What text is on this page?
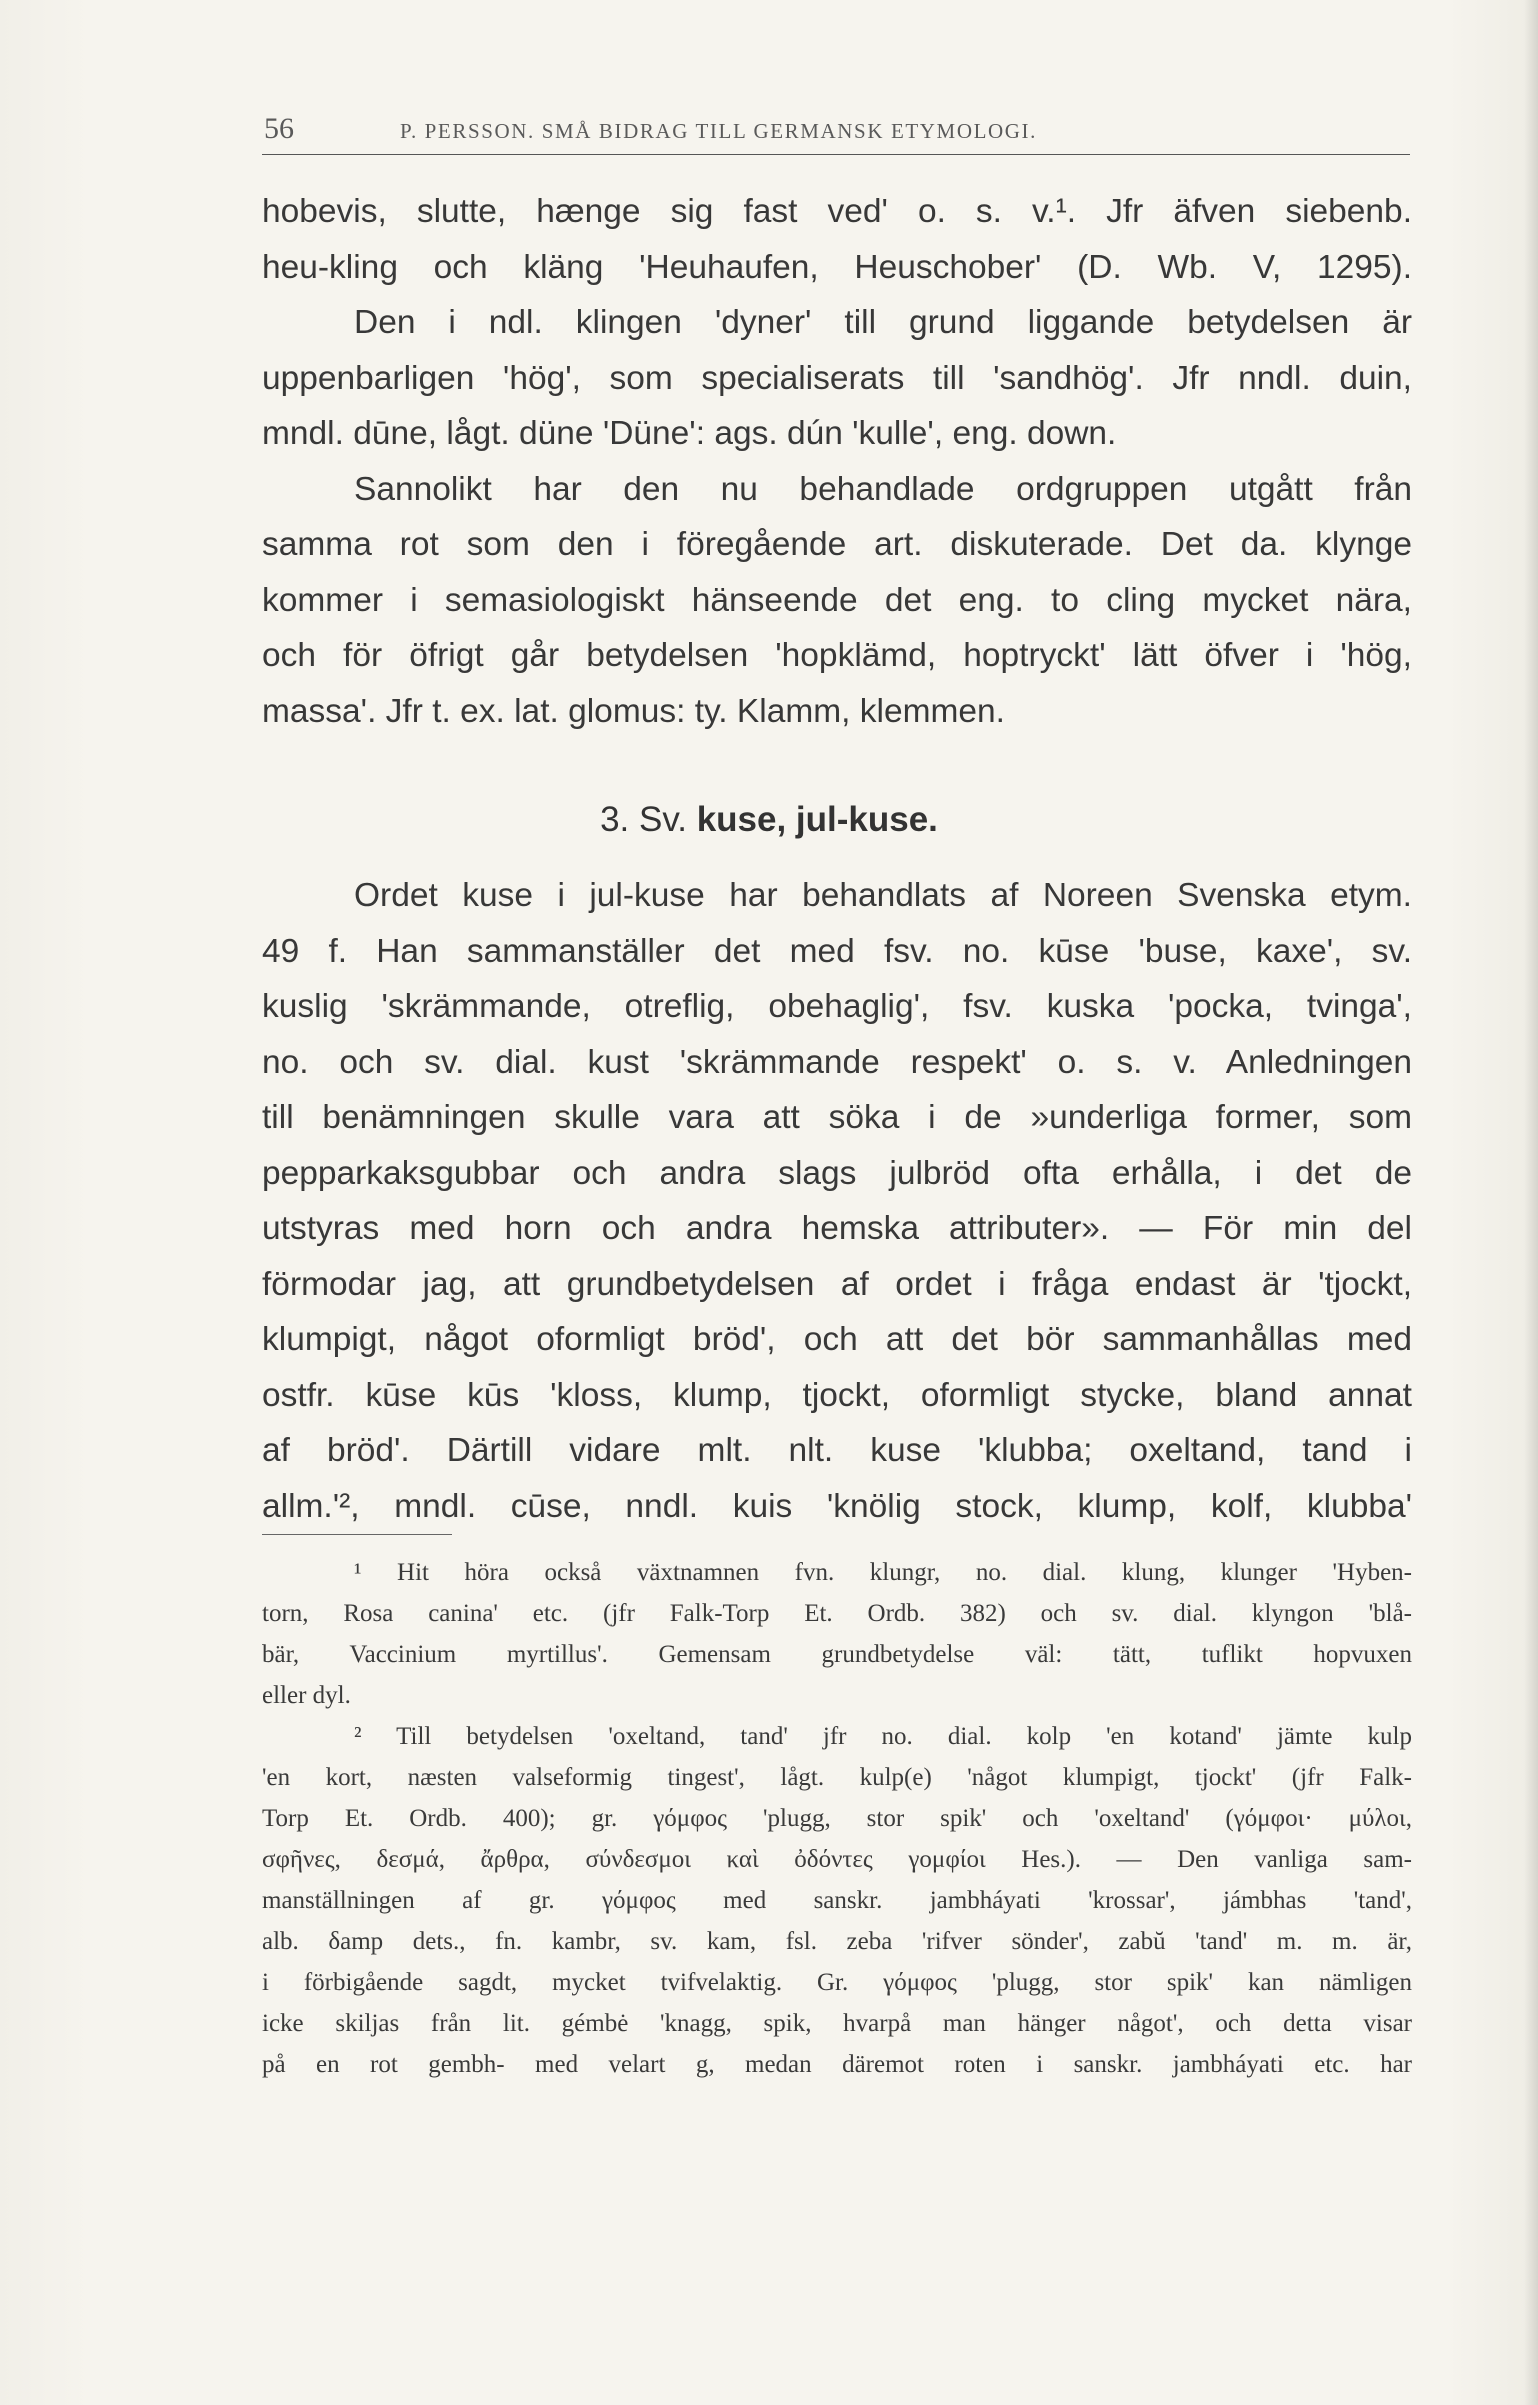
56	P. PERSSON. SMÅ BIDRAG TILL GERMANSK ETYMOLOGI.
hobevis, slutte, hænge sig fast ved' o. s. v.¹. Jfr äfven siebenb.
heu-kling och kläng 'Heuhaufen, Heuschober' (D. Wb. V, 1295).
Den i ndl. klingen 'dyner' till grund liggande betydelsen är
uppenbarligen 'hög', som specialiserats till 'sandhög'. Jfr nndl. duin,
mndl. dūne, lågt. düne 'Düne': ags. dún 'kulle', eng. down.
Sannolikt har den nu behandlade ordgruppen utgått från
samma rot som den i föregående art. diskuterade. Det da. klynge
kommer i semasiologiskt hänseende det eng. to cling mycket nära,
och för öfrigt går betydelsen 'hopklämd, hoptryckt' lätt öfver i 'hög,
massa'. Jfr t. ex. lat. glomus: ty. Klamm, klemmen.
3. Sv. kuse, jul-kuse.
Ordet kuse i jul-kuse har behandlats af Noreen Svenska etym.
49 f. Han sammanställer det med fsv. no. kūse 'buse, kaxe', sv.
kuslig 'skrämmande, otreflig, obehaglig', fsv. kuska 'pocka, tvinga',
no. och sv. dial. kust 'skrämmande respekt' o. s. v. Anledningen
till benämningen skulle vara att söka i de »underliga former, som
pepparkaksgubbar och andra slags julbröd ofta erhålla, i det de
utstyras med horn och andra hemska attributer». — För min del
förmodar jag, att grundbetydelsen af ordet i fråga endast är 'tjockt,
klumpigt, något oformligt bröd', och att det bör sammanhållas med
ostfr. kūse kūs 'kloss, klump, tjockt, oformligt stycke, bland annat
af bröd'. Därtill vidare mlt. nlt. kuse 'klubba; oxeltand, tand i
allm.'², mndl. cūse, nndl. kuis 'knölig stock, klump, kolf, klubba'
¹ Hit höra också växtnamnen fvn. klungr, no. dial. klung, klunger 'Hyben-
torn, Rosa canina' etc. (jfr Falk-Torp Et. Ordb. 382) och sv. dial. klyngon 'blå-
bär, Vaccinium myrtillus'. Gemensam grundbetydelse väl: tätt, tuflikt hopvuxen
eller dyl.
² Till betydelsen 'oxeltand, tand' jfr no. dial. kolp 'en kotand' jämte kulp
'en kort, næsten valseformig tingest', lågt. kulp(e) 'något klumpigt, tjockt' (jfr Falk-
Torp Et. Ordb. 400); gr. γόμφος 'plugg, stor spik' och 'oxeltand' (γόμφοι· μύλοι,
σφῆνες, δεσμά, ἄρθρα, σύνδεσμοι καὶ ὀδόντες γομφίοι Hes.). — Den vanliga sam-
manställningen af gr. γόμφος med sanskr. jambháyati 'krossar', jámbhas 'tand',
alb. δamp dets., fn. kambr, sv. kam, fsl. zeba 'rifver sönder', zabŭ 'tand' m. m. är,
i förbigående sagdt, mycket tvifvelaktig. Gr. γόμφος 'plugg, stor spik' kan nämligen
icke skiljas från lit. gémbė 'knagg, spik, hvarpå man hänger något', och detta visar
på en rot gembh- med velart g, medan däremot roten i sanskr. jambháyati etc. har
